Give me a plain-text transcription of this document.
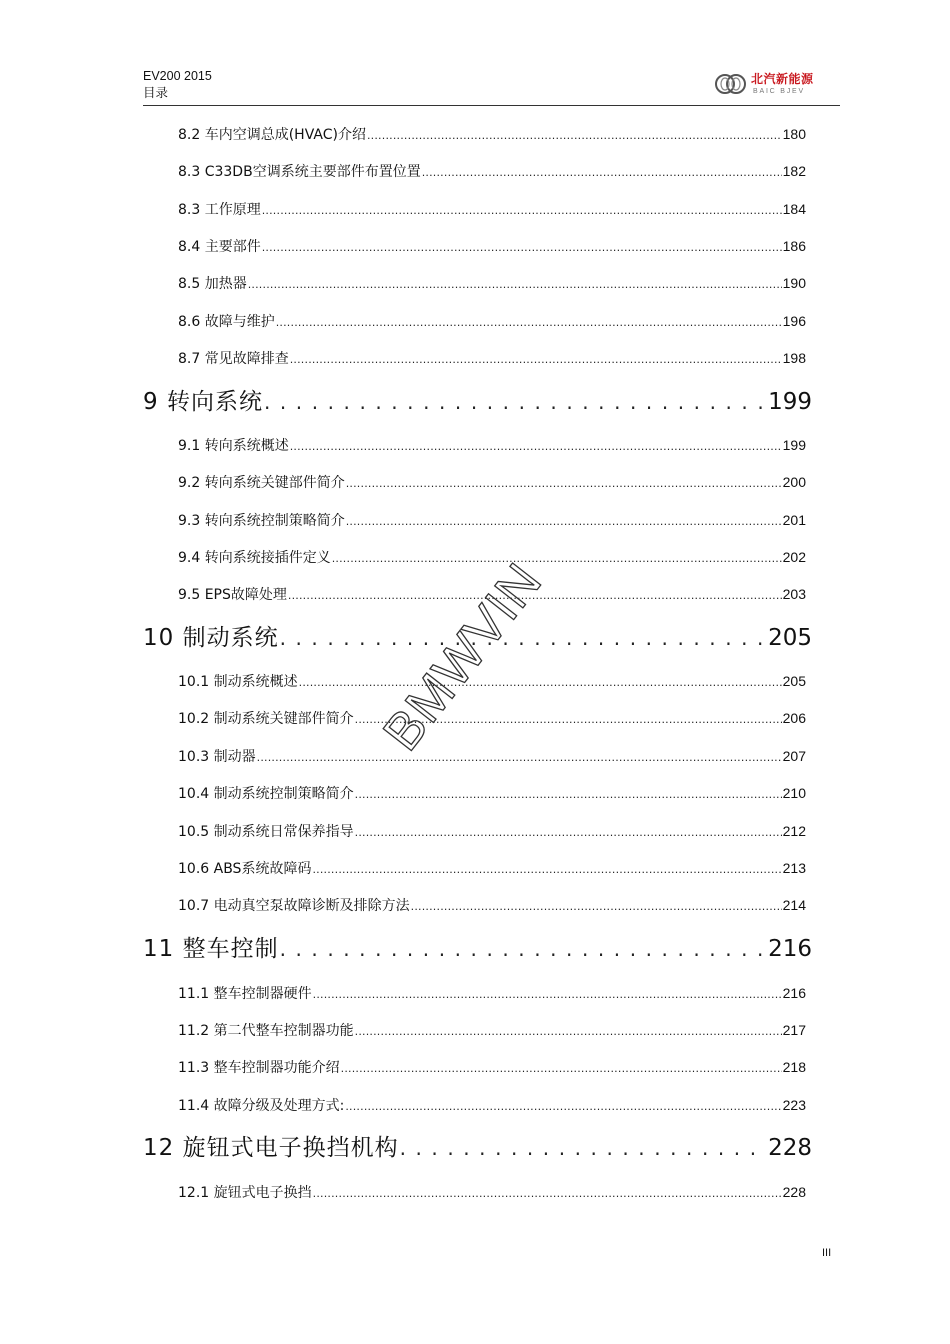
EV200 2015
目录
北汽新能源
BAIC BJEV
8.2 车内空调总成(HVAC)介绍 .....	180
8.3 C33DB空调系统主要部件布置位置 .....	182
8.3 工作原理 .....	184
8.4 主要部件 .....	186
8.5 加热器 .....	190
8.6 故障与维护 .....	196
8.7 常见故障排查 .....	198
9 转向系统 . . .	199
9.1 转向系统概述 .....	199
9.2 转向系统关键部件简介 .....	200
9.3 转向系统控制策略简介 .....	201
9.4 转向系统接插件定义 .....	202
9.5 EPS故障处理 .....	203
10 制动系统 . . .	205
10.1 制动系统概述 .....	205
10.2 制动系统关键部件简介 .....	206
10.3 制动器 .....	207
10.4 制动系统控制策略简介 .....	210
10.5 制动系统日常保养指导 .....	212
10.6 ABS系统故障码 .....	213
10.7 电动真空泵故障诊断及排除方法 .....	214
11 整车控制 . . .	216
11.1 整车控制器硬件 .....	216
11.2 第二代整车控制器功能 .....	217
11.3 整车控制器功能介绍 .....	218
11.4 故障分级及处理方式: .....	223
12 旋钮式电子换挡机构 . . .	228
12.1 旋钮式电子换挡 .....	228
BMWVIN
III
